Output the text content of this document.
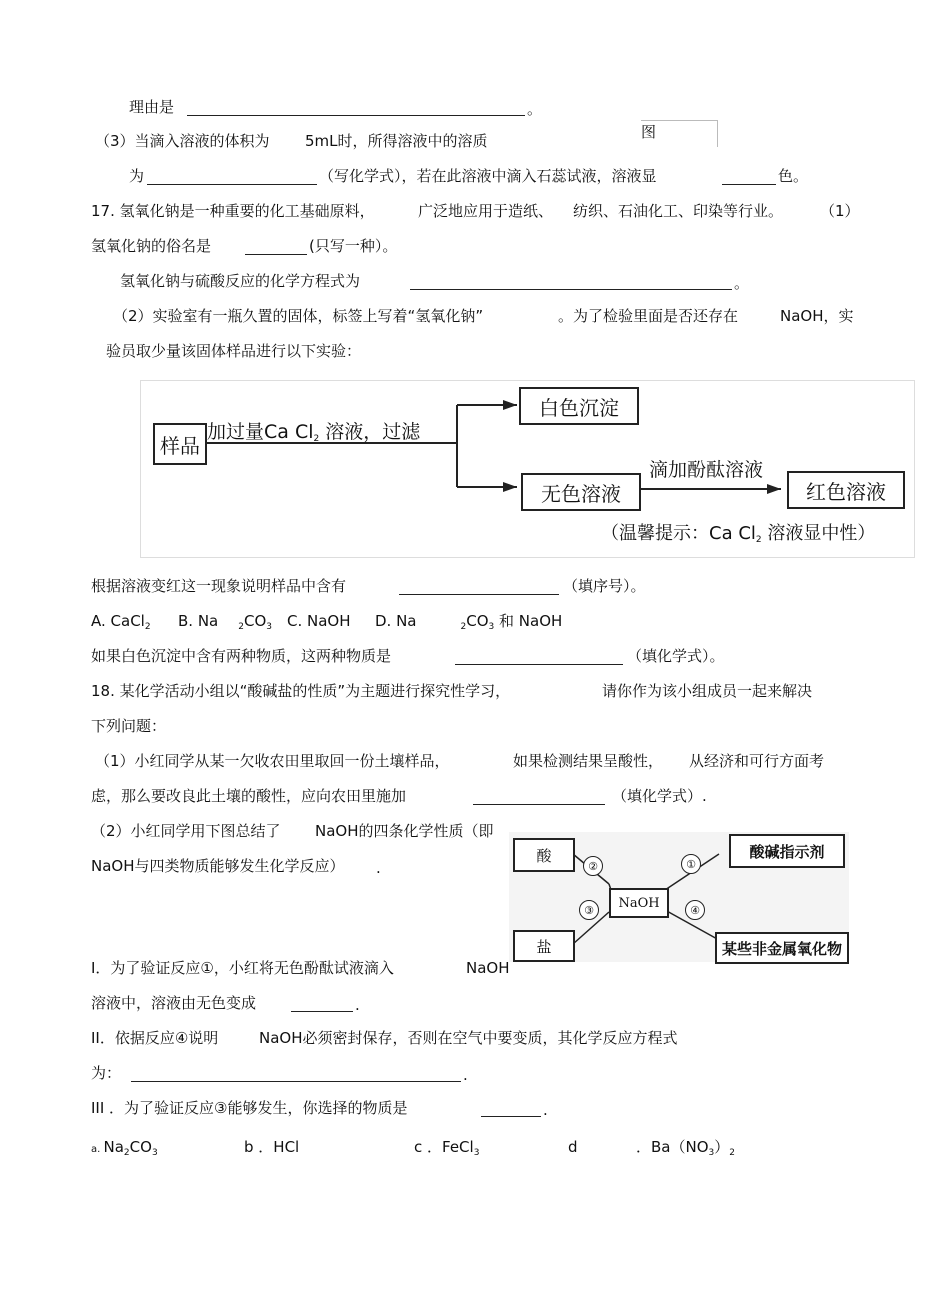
理由是	。
（3）当滴入溶液的体积为 5mL时，所得溶液中的溶质	图
为	（写化学式），若在此溶液中滴入石蕊试液，溶液显	色。
17. 氢氧化钠是一种重要的化工基础原料，	广泛地应用于造纸、 纺织、石油化工、印染等行业。 （1）
氢氧化钠的俗名是	(只写一种）。
氢氧化钠与硫酸反应的化学方程式为	。
（2）实验室有一瓶久置的固体，标签上写着“氢氧化钠”	。为了检验里面是否还存在	NaOH，实
验员取少量该固体样品进行以下实验：
样品
加过量Ca $Cl_2$ 溶液，过滤
白色沉淀
无色溶液
滴加酚酞溶液
红色溶液
（温馨提示：Ca $Cl_2$ 溶液显中性）
根据溶液变红这一现象说明样品中含有	（填序号）。
A. CaCl$_2$ B. Na $_2CO_3$ C. NaOH D. Na	$_2CO_3$ 和 NaOH
如果白色沉淀中含有两种物质，这两种物质是	（填化学式）。
18. 某化学活动小组以“酸碱盐的性质”为主题进行探究性学习，	请你作为该小组成员一起来解决
下列问题：
（1）小红同学从某一欠收农田里取回一份土壤样品，	如果检测结果呈酸性， 从经济和可行方面考
虑，那么要改良此土壤的酸性，应向农田里施加	（填化学式）.
（2）小红同学用下图总结了 NaOH的四条化学性质（即
NaOH与四类物质能够发生化学反应） .
酸
盐
NaOH
酸碱指示剂
某些非金属氧化物
①
②
③	④
I．为了验证反应①，小红将无色酚酞试液滴入	NaOH
溶液中，溶液由无色变成	.
II．依据反应④说明	NaOH必须密封保存，否则在空气中要变质，其化学反应方程式
为：	.
III ．为了验证反应③能够发生，你选择的物质是	.
a. $Na_2CO_3$	b ．HCl	c ．FeCl$_3$	d	．$Ba(NO_3)_2$
